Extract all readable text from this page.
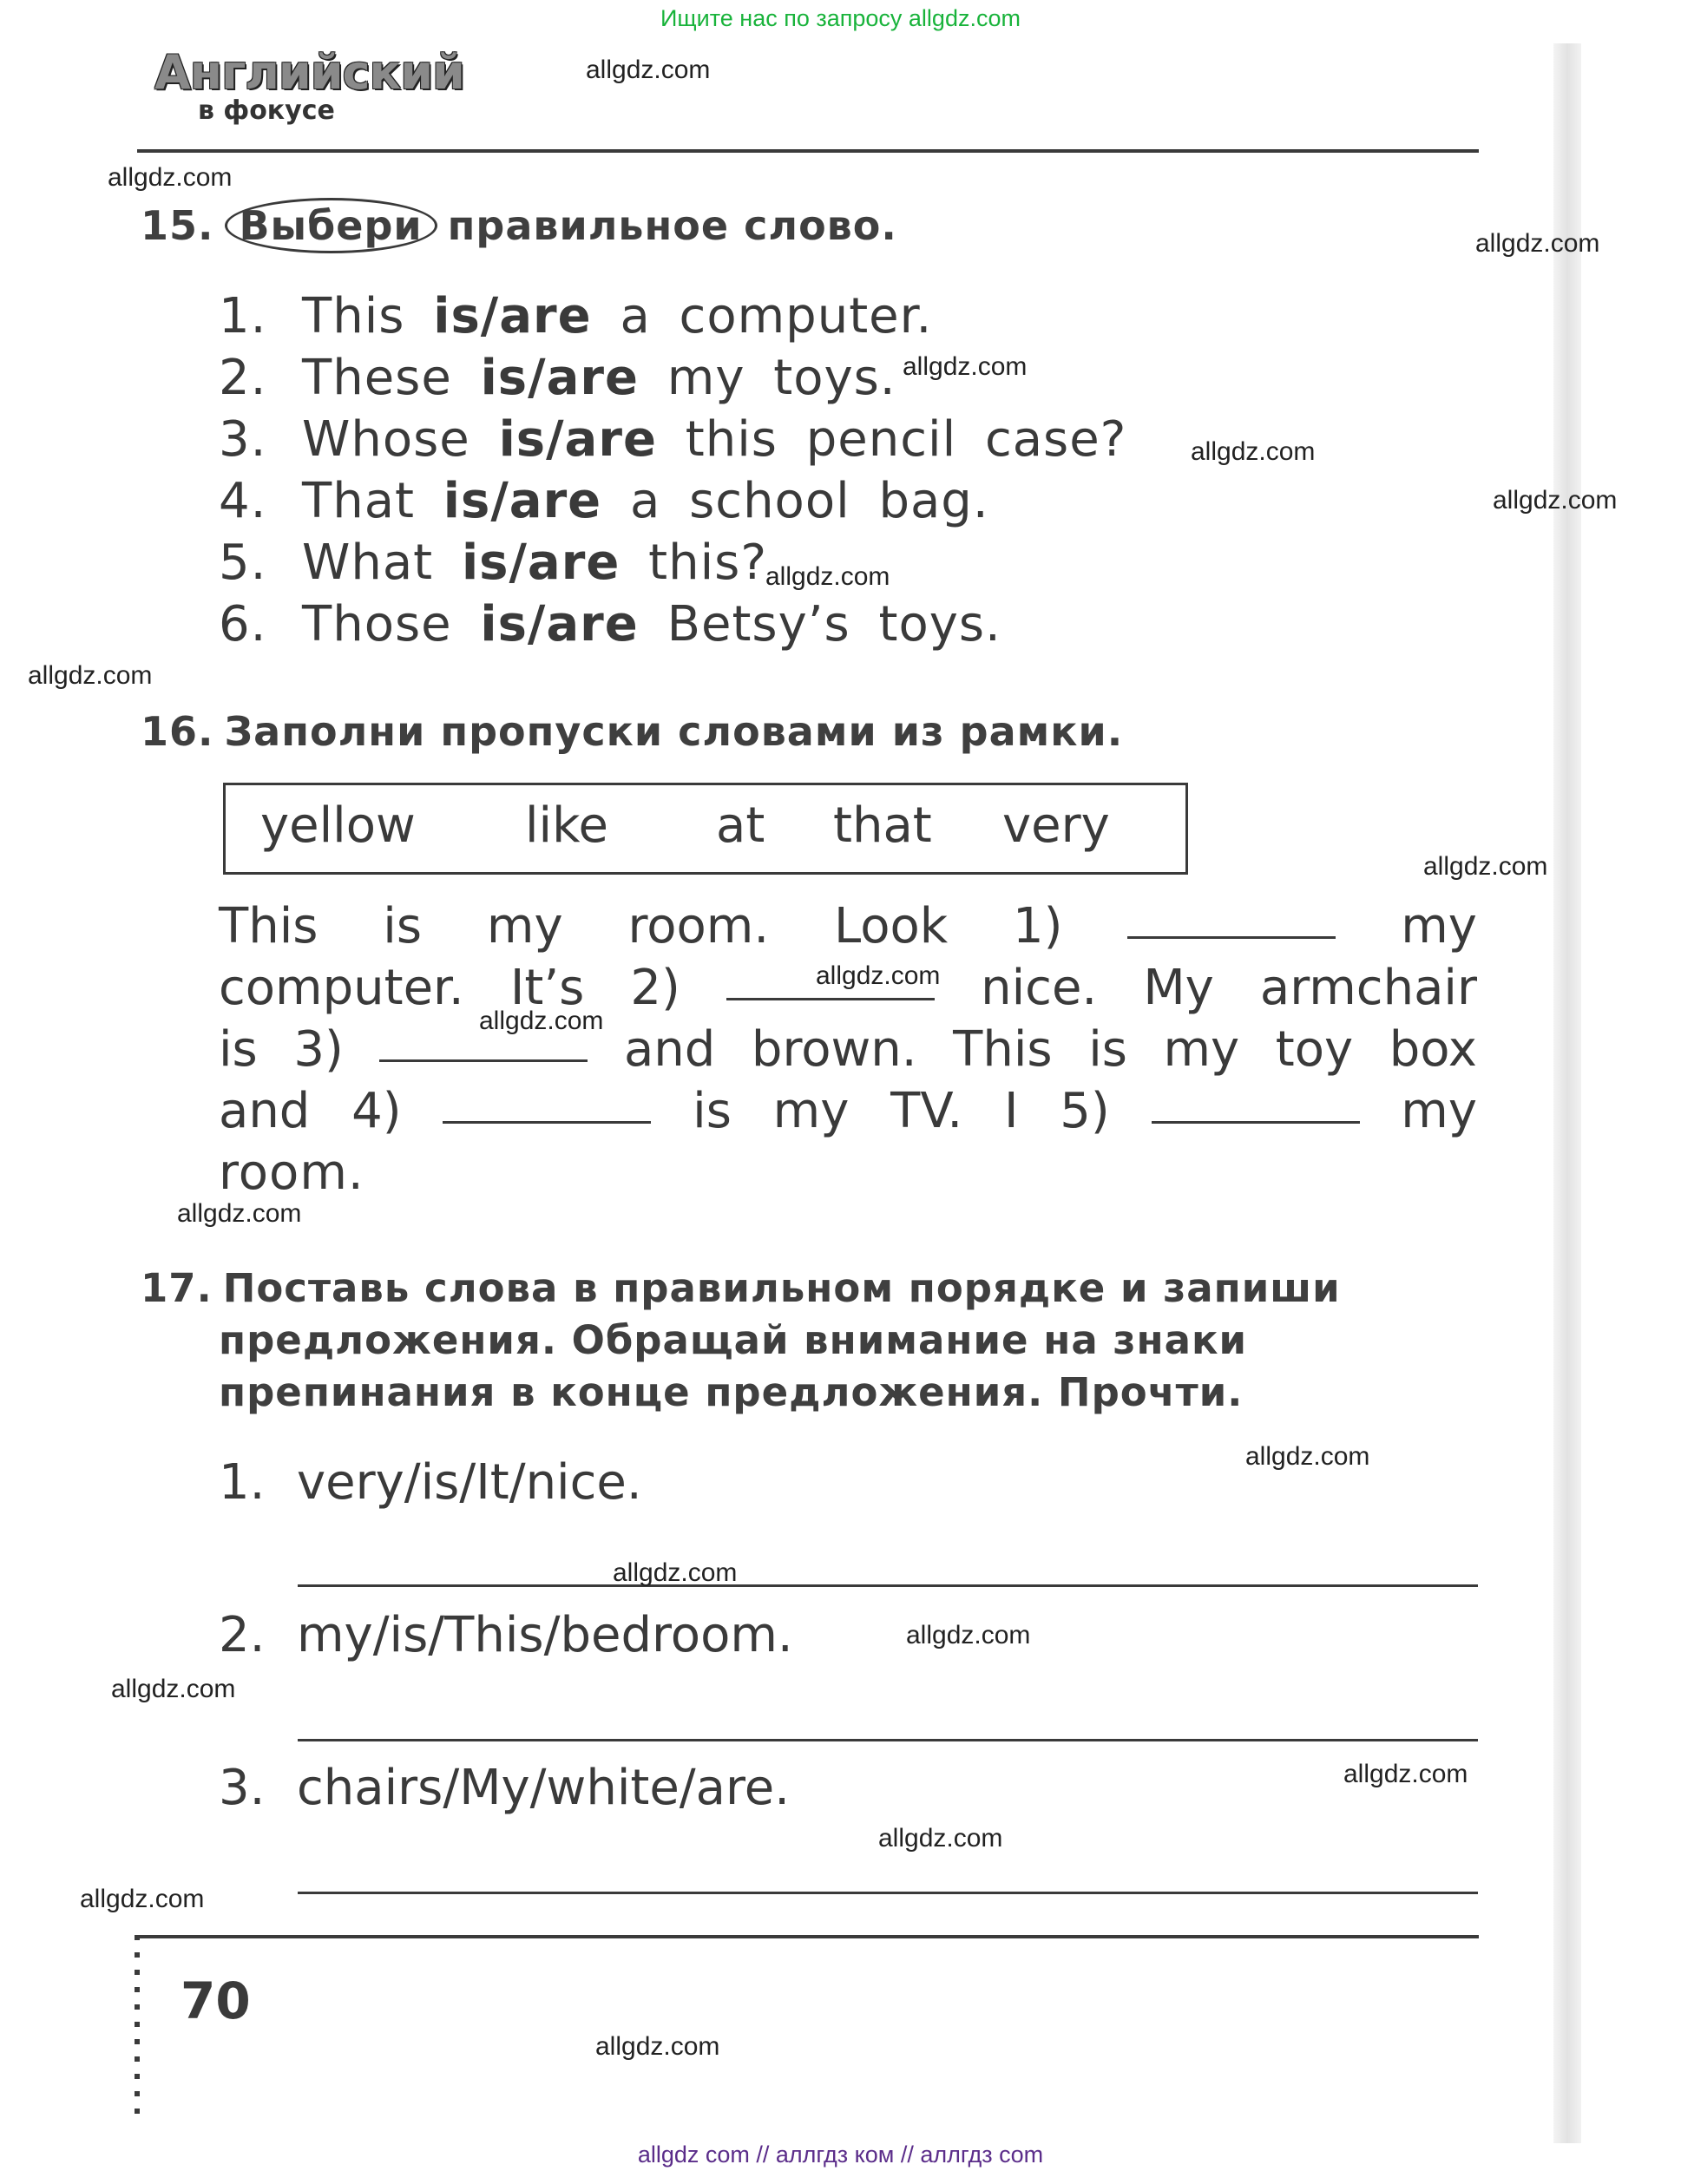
Ищите нас по запросу allgdz.com
Английский
в фокусе
15. Выбери правильное слово.
1. This is/are a computer.
2. These is/are my toys.
3. Whose is/are this pencil case?
4. That is/are a school bag.
5. What is/are this?
6. Those is/are Betsy’s toys.
16. Заполни пропуски словами из рамки.
yellow like at that very
This is my room. Look 1)	my
computer. It’s 2)	nice. My armchair
is 3)	and brown. This is my toy box
and 4)	is my TV. I 5)	my
room.
17. Поставь слова в правильном порядке и запиши
предложения. Обращай внимание на знаки
препинания в конце предложения. Прочти.
1. very/is/It/nice.
2. my/is/This/bedroom.
3. chairs/My/white/are.
70
allgdz.com
allgdz.com
allgdz.com
allgdz.com
allgdz.com
allgdz.com
allgdz.com
allgdz.com
allgdz.com
allgdz.com
allgdz.com
allgdz.com
allgdz.com
allgdz.com
allgdz.com
allgdz.com
allgdz.com
allgdz.com
allgdz.com
allgdz.com
allgdz com // аллгдз ком // аллгдз com
